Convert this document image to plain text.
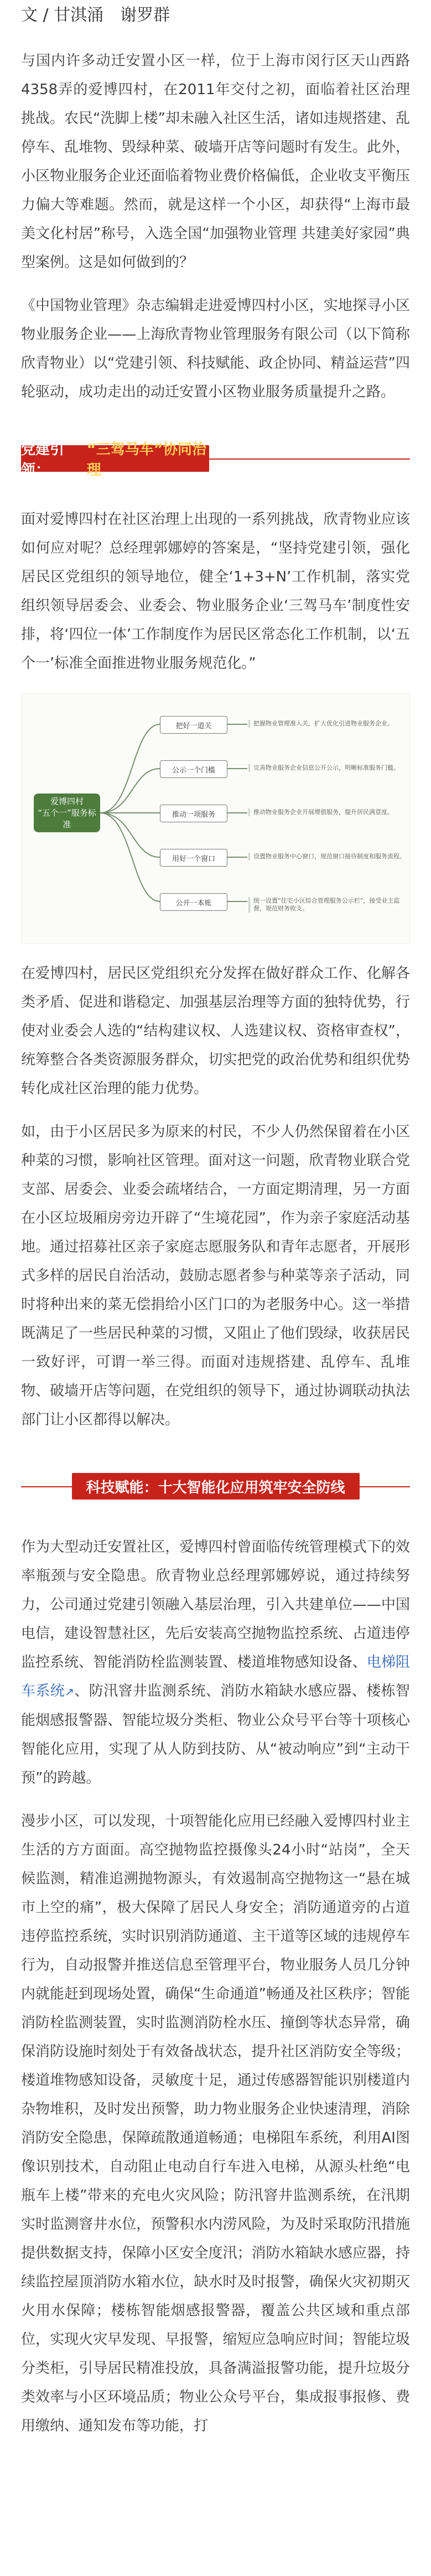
文 / 甘淇涌　谢罗群

与国内许多动迁安置小区一样，位于上海市闵行区天山西路4358弄的爱博四村，在2011年交付之初，面临着社区治理挑战。农民“洗脚上楼”却未融入社区生活，诸如违规搭建、乱停车、乱堆物、毁绿种菜、破墙开店等问题时有发生。此外，小区物业服务企业还面临着物业费价格偏低，企业收支平衡压力偏大等难题。然而，就是这样一个小区，却获得“上海市最美文化村居”称号，入选全国“加强物业管理 共建美好家园”典型案例。这是如何做到的？

《中国物业管理》杂志编辑走进爱博四村小区，实地探寻小区物业服务企业——上海欣青物业管理服务有限公司（以下简称欣青物业）以“党建引领、科技赋能、政企协同、精益运营”四轮驱动，成功走出的动迁安置小区物业服务质量提升之路。

党建引领：
“三驾马车”协同治理

面对爱博四村在社区治理上出现的一系列挑战，欣青物业应该如何应对呢？总经理郭娜婷的答案是，“坚持党建引领，强化居民区党组织的领导地位，健全‘1+3+N’工作机制，落实党组织领导居委会、业委会、物业服务企业‘三驾马车’制度性安排，将‘四位一体’工作制度作为居民区常态化工作机制，以‘五个一’标准全面推进物业服务规范化。”

爱博四村
“五个一”服务标准
把好一道关	把握物业管理准入关，扩大优化引进物业服务企业。
公示一个门槛	完善物业服务企业信息公开公示，明晰标准服务门槛。
推动一项服务	推动物业服务企业开展增值服务，提升居民满意度。
用好一个窗口	设置物业服务中心窗口，规范窗口接待制度和服务流程。
公开一本账	统一设置“住宅小区综合管理服务公示栏”，接受业主监督，规范财务收支。

在爱博四村，居民区党组织充分发挥在做好群众工作、化解各类矛盾、促进和谐稳定、加强基层治理等方面的独特优势，行使对业委会人选的“结构建议权、人选建议权、资格审查权”，统筹整合各类资源服务群众，切实把党的政治优势和组织优势转化成社区治理的能力优势。

如，由于小区居民多为原来的村民，不少人仍然保留着在小区种菜的习惯，影响社区管理。面对这一问题，欣青物业联合党支部、居委会、业委会疏堵结合，一方面定期清理，另一方面在小区垃圾厢房旁边开辟了“生境花园”，作为亲子家庭活动基地。通过招募社区亲子家庭志愿服务队和青年志愿者，开展形式多样的居民自治活动，鼓励志愿者参与种菜等亲子活动，同时将种出来的菜无偿捐给小区门口的为老服务中心。这一举措既满足了一些居民种菜的习惯，又阻止了他们毁绿，收获居民一致好评，可谓一举三得。而面对违规搭建、乱停车、乱堆物、破墙开店等问题，在党组织的领导下，通过协调联动执法部门让小区都得以解决。

科技赋能：十大智能化应用筑牢安全防线

作为大型动迁安置社区，爱博四村曾面临传统管理模式下的效率瓶颈与安全隐患。欣青物业总经理郭娜婷说，通过持续努力，公司通过党建引领融入基层治理，引入共建单位——中国电信，建设智慧社区，先后安装高空抛物监控系统、占道违停监控系统、智能消防栓监测装置、楼道堆物感知设备、电梯阻车系统↗、防汛窨井监测系统、消防水箱缺水感应器、楼栋智能烟感报警器、智能垃圾分类柜、物业公众号平台等十项核心智能化应用，实现了从人防到技防、从“被动响应”到“主动干预”的跨越。

漫步小区，可以发现，十项智能化应用已经融入爱博四村业主生活的方方面面。高空抛物监控摄像头24小时“站岗”，全天候监测，精准追溯抛物源头，有效遏制高空抛物这一“悬在城市上空的痛”，极大保障了居民人身安全；消防通道旁的占道违停监控系统，实时识别消防通道、主干道等区域的违规停车行为，自动报警并推送信息至管理平台，物业服务人员几分钟内就能赶到现场处置，确保“生命通道”畅通及社区秩序；智能消防栓监测装置，实时监测消防栓水压、撞倒等状态异常，确保消防设施时刻处于有效备战状态，提升社区消防安全等级；楼道堆物感知设备，灵敏度十足，通过传感器智能识别楼道内杂物堆积，及时发出预警，助力物业服务企业快速清理，消除消防安全隐患，保障疏散通道畅通；电梯阻车系统，利用AI图像识别技术，自动阻止电动自行车进入电梯，从源头杜绝“电瓶车上楼”带来的充电火灾风险；防汛窨井监测系统，在汛期实时监测窨井水位，预警积水内涝风险，为及时采取防汛措施提供数据支持，保障小区安全度汛；消防水箱缺水感应器，持续监控屋顶消防水箱水位，缺水时及时报警，确保火灾初期灭火用水保障；楼栋智能烟感报警器，覆盖公共区域和重点部位，实现火灾早发现、早报警，缩短应急响应时间；智能垃圾分类柜，引导居民精准投放，具备满溢报警功能，提升垃圾分类效率与小区环境品质；物业公众号平台，集成报事报修、费用缴纳、通知发布等功能，打
